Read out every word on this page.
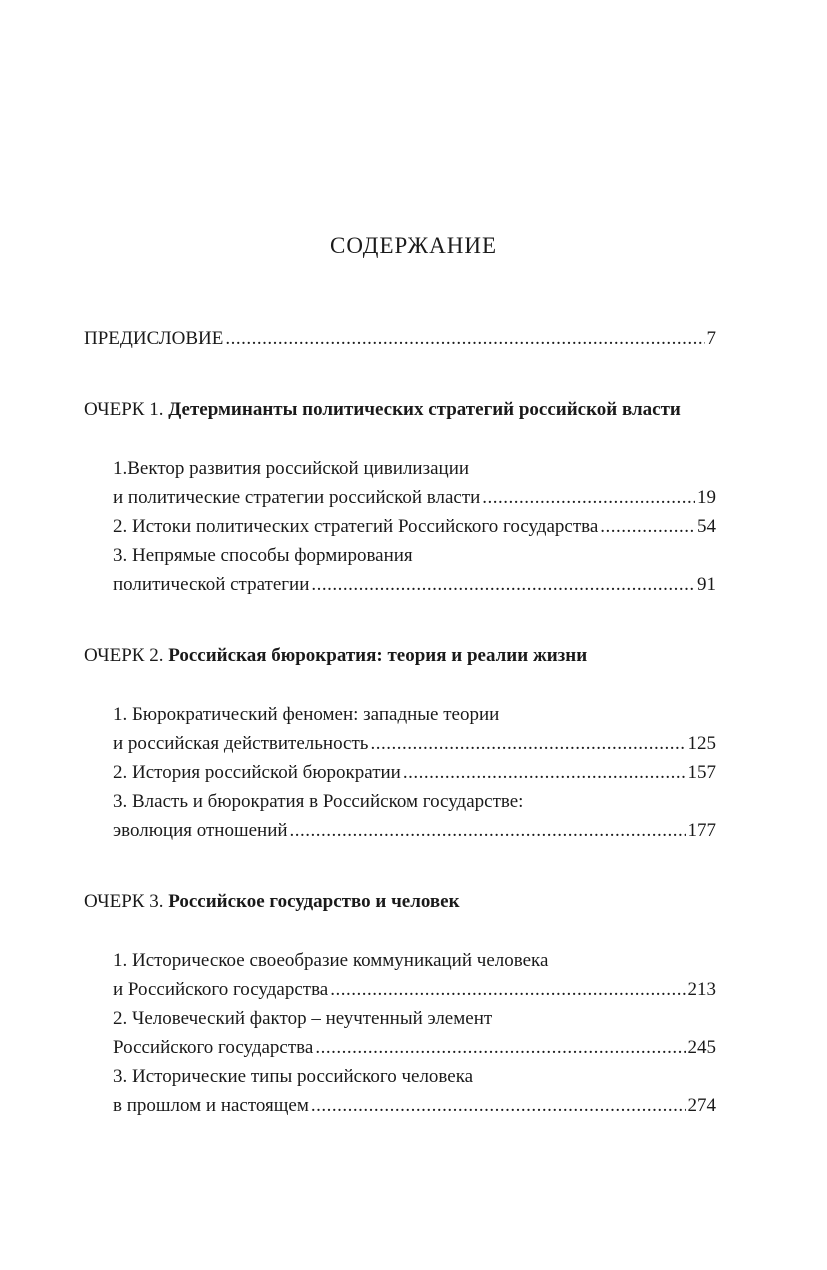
СОДЕРЖАНИЕ
ПРЕДИСЛОВИЕ .....	7
ОЧЕРК 1.
Детерминанты политических стратегий российской власти
1.Вектор развития российской цивилизации
и политические стратегии российской власти .....	19
2. Истоки политических стратегий Российского государства .....	54
3. Непрямые способы формирования
политической стратегии .....	91
ОЧЕРК 2.
Российская бюрократия: теория и реалии жизни
1. Бюрократический феномен: западные теории
и российская действительность .....	125
2. История российской бюрократии .....	157
3. Власть и бюрократия в Российском государстве:
эволюция отношений .....	177
ОЧЕРК 3.
Российское государство и человек
1. Историческое своеобразие коммуникаций человека
и Российского государства .....	213
2. Человеческий фактор – неучтенный элемент
Российского государства .....	245
3. Исторические типы российского человека
в прошлом и настоящем .....	274
